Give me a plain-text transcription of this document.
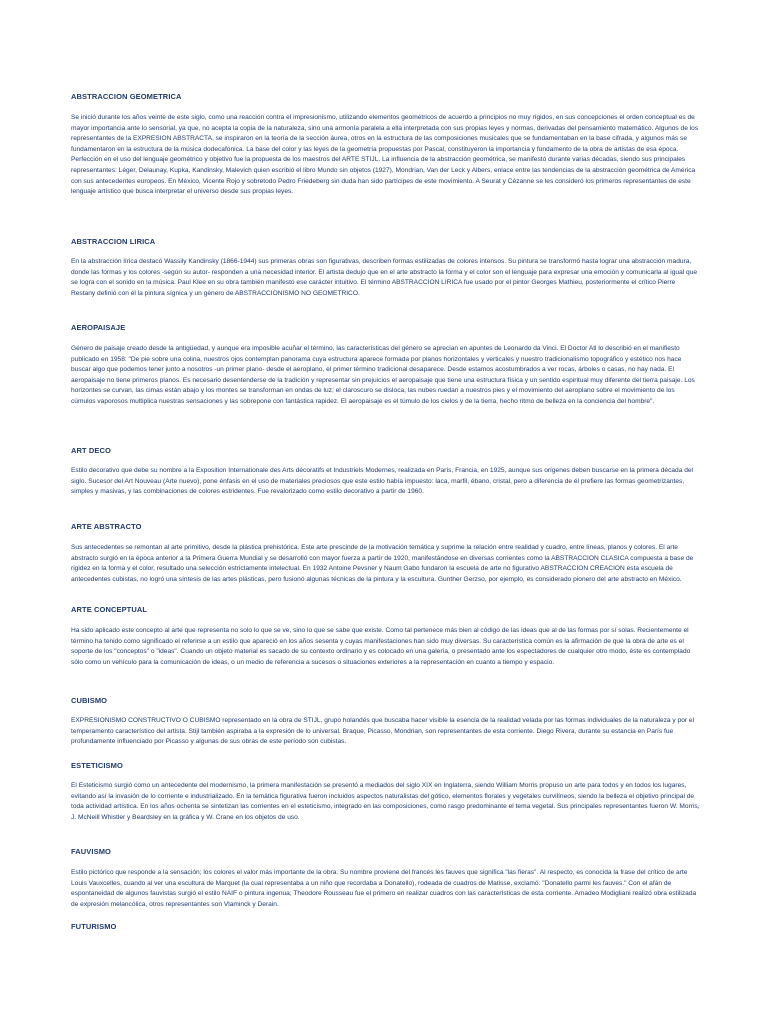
ABSTRACCION GEOMETRICA

Se inició durante los años veinte de este siglo, como una reacción contra el impresionismo, utilizando elementos geométricos de acuerdo a principios no muy rígidos, en sus concepciones el orden conceptual es de mayor importancia ante lo sensorial, ya que, no acepta la copia de la naturaleza, sino una armonía paralela a ella interpretada con sus propias leyes y normas, derivadas del pensamiento matemático. Algunos de los representantes de la EXPRESION ABSTRACTA, se inspiraron en la teoría de la sección áurea, otros en la estructura de las composiciones musicales que se fundamentaban en la base cifrada, y algunos más se fundamentaron en la estructura de la música dodecafónica. La base del color y las leyes de la geometría propuestas por Pascal, constituyeron la importancia y fundamento de la obra de artistas de esa época. Perfección en el uso del lenguaje geométrico y objetivo fue la propuesta de los maestros del ARTE STIJL. La influencia de la abstracción geométrica, se manifestó durante varias décadas, siendo sus principales representantes: Léger, Delaunay, Kupka, Kandinsky, Malevich quien escribió el libro Mundo sin objetos (1927), Mondrian, Van der Leck y Albers, enlace entre las tendencias de la abstracción geométrica de América con sus antecedentes europeos. En México, Vicente Rojo y sobretodo Pedro Friedeberg sin duda han sido partícipes de este movimiento. A Seurat y Cézanne se les consideró los primeros representantes de este lenguaje artístico que busca interpretar el universo desde sus propias leyes.

ABSTRACCION LIRICA

En la abstracción lírica destacó Wassily Kandinsky (1866-1944) sus primeras obras son figurativas, describen formas estilizadas de colores intensos. Su pintura se transformó hasta lograr una abstracción madura, donde las formas y los colores -según su autor- responden a una necesidad interior. El artista dedujo que en el arte abstracto la forma y el color son el lenguaje para expresar una emoción y comunicarla al igual que se logra con el sonido en la música. Paul Klee en su obra también manifestó ese carácter intuitivo. El término ABSTRACCION LIRICA fue usado por el pintor Georges Mathieu, posteriormente el crítico Pierre Restany definió con él la pintura sígnica y un género de ABSTRACCIONISMO NO GEOMETRICO.

AEROPAISAJE

Género de paisaje creado desde la antigüedad, y aunque era imposible acuñar el término, las características del género se aprecian en apuntes de Leonardo da Vinci. El Doctor Atl lo describió en el manifiesto publicado en 1958: "De pie sobre una colina, nuestros ojos contemplan panorama cuya estructura aparece formada por planos horizontales y verticales y nuestro tradicionalismo topográfico y estético nos hace buscar algo que podemos tener junto a nosotros -un primer plano- desde el aeroplano, el primer término tradicional desaparece. Desde estamos acostumbrados a ver rocas, árboles o casas, no hay nada. El aeropaisaje no tiene primeros planos. Es necesario desentenderse de la tradición y representar sin prejuicios el aeropaisaje que tiene una estructura física y un sentido espiritual muy diferente del tierra paisaje. Los horizontes se curvan, las cimas están abajo y los montes se transforman en ondas de luz; el claroscuro se disloca, las nubes ruedan a nuestros pies y el movimiento del aeroplano sobre el movimiento de los cúmulos vaporosos multiplica nuestras sensaciones y las sobrepone con fantástica rapidez. El aeropaisaje es el túmulo de los cielos y de la tierra, hecho ritmo de belleza en la conciencia del hombre".

ART DECO

Estilo decorativo que debe su nombre a la Exposition Internationale des Arts décoratifs et Industriels Modernes, realizada en París, Francia, en 1925, aunque sus orígenes deben buscarse en la primera década del siglo. Sucesor del Art Nouveau (Arte nuevo), pone énfasis en el uso de materiales preciosos que este estilo había impuesto: laca, marfil, ébano, cristal, pero a diferencia de él prefiere las formas geometrizantes, simples y masivas, y las combinaciones de colores estridentes. Fue revalorizado como estilo decorativo a partir de 1960.

ARTE ABSTRACTO

Sus antecedentes se remontan al arte primitivo, desde la plástica prehistórica. Este arte prescinde de la motivación temática y suprime la relación entre realidad y cuadro, entre líneas, planos y colores. El arte abstracto surgió en la época anterior a la Primera Guerra Mundial y se desarrolló con mayor fuerza a partir de 1920, manifestándose en diversas corrientes como la ABSTRACCION CLASICA compuesta a base de rigidez en la forma y el color, resultado una selección estrictamente intelectual. En 1932 Antoine Pevsner y Naum Gabo fundaron la escuela de arte no figurativo ABSTRACCION CREACION esta escuela de antecedentes cubistas, no logró una síntesis de las artes plásticas, pero fusionó algunas técnicas de la pintura y la escultura. Gunther Gerzso, por ejemplo, es considerado pionero del arte abstracto en México.

ARTE CONCEPTUAL

Ha sido aplicado este concepto al arte que representa no solo lo que se ve, sino lo que se sabe que existe. Como tal pertenece más bien al código de las ideas que al de las formas por sí solas. Recientemente el término ha tenido como significado el referirse a un estilo que apareció en los años sesenta y cuyas manifestaciones han sido muy diversas. Su característica común es la afirmación de que la obra de arte es el soporte de los "conceptos" o "ideas". Cuando un objeto material es sacado de su contexto ordinario y es colocado en una galería, o presentado ante los espectadores de cualquier otro modo, éste es contemplado sólo como un vehículo para la comunicación de ideas, o un medio de referencia a sucesos o situaciones exteriores a la representación en cuanto a tiempo y espacio.

CUBISMO

EXPRESIONISMO CONSTRUCTIVO O CUBISMO representado en la obra de STIJL, grupo holandés que buscaba hacer visible la esencia de la realidad velada por las formas individuales de la naturaleza y por el temperamento característico del artista. Stijl también aspiraba a la expresión de lo universal. Braque, Picasso, Mondrian, son representantes de esta corriente. Diego Rivera, durante su estancia en París fue profundamente influenciado por Picasso y algunas de sus obras de este período son cubistas.

ESTETICISMO

El Esteticismo surgió como un antecedente del modernismo, la primera manifestación se presentó a mediados del siglo XIX en Inglaterra, siendo William Morris propuso un arte para todos y en todos los lugares, evitando así la invasión de lo corriente e industrializado. En la temática figurativa fueron incluidos aspectos naturalistas del gótico, elementos florales y vegetales curvilíneos, siendo la belleza el objetivo principal de toda actividad artística. En los años ochenta se sintetizan las corrientes en el esteticismo, integrado en las composiciones, como rasgo predominante el tema vegetal. Sus principales representantes fueron W. Morris, J. McNeill Whistler y Beardsley en la gráfica y W. Crane en los objetos de uso.

FAUVISMO

Estilo pictórico que responde a la sensación; los colores el valor más importante de la obra. Su nombre proviene del francés les fauves que significa "las fieras". Al respecto, es conocida la frase del crítico de arte Louis Vauxcelles, cuando al ver una escultura de Marquet (la cual representaba a un niño que recordaba a Donatello), rodeada de cuadros de Matisse, exclamó: "Donatello parmi les fauves." Con el afán de espontaneidad de algunos fauvistas surgió el estilo NAIF o pintura ingenua; Theodore Rousseau fue el primero en realizar cuadros con las características de esta corriente. Amadeo Modigliani realizó obra estilizada de expresión melancólica, otros representantes son Vlaminck y Derain.

FUTURISMO
